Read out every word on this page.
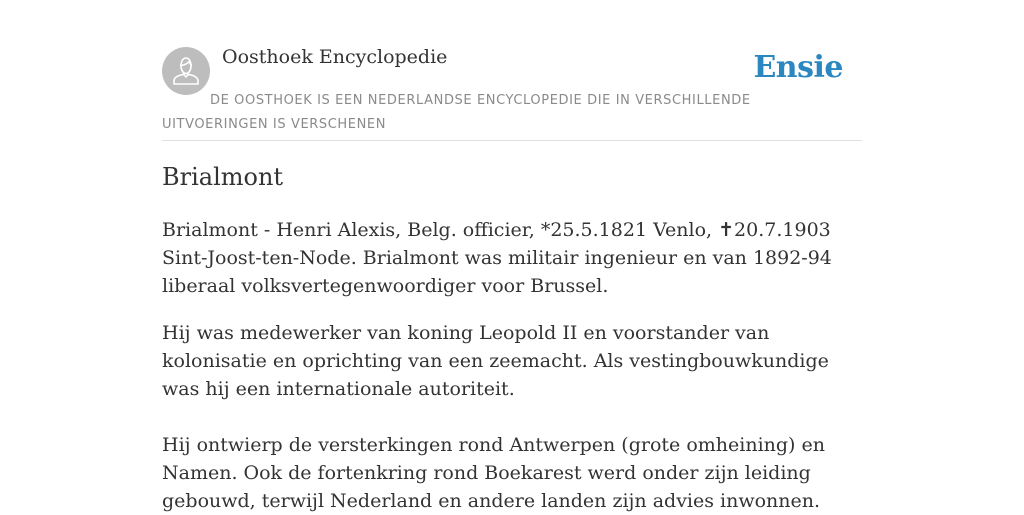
Oosthoek Encyclopedie	Ensie
DE OOSTHOEK IS EEN NEDERLANDSE ENCYCLOPEDIE DIE IN VERSCHILLENDE UITVOERINGEN IS VERSCHENEN
Brialmont

Brialmont - Henri Alexis, Belg. officier, *25.5.1821 Venlo, ✝20.7.1903 Sint-Joost-ten-Node. Brialmont was militair ingenieur en van 1892-94 liberaal volksvertegenwoordiger voor Brussel.

Hij was medewerker van koning Leopold II en voorstander van kolonisatie en oprichting van een zeemacht. Als vestingbouwkundige was hij een internationale autoriteit.

Hij ontwierp de versterkingen rond Antwerpen (grote omheining) en Namen. Ook de fortenkring rond Boekarest werd onder zijn leiding gebouwd, terwijl Nederland en andere landen zijn advies inwonnen.
